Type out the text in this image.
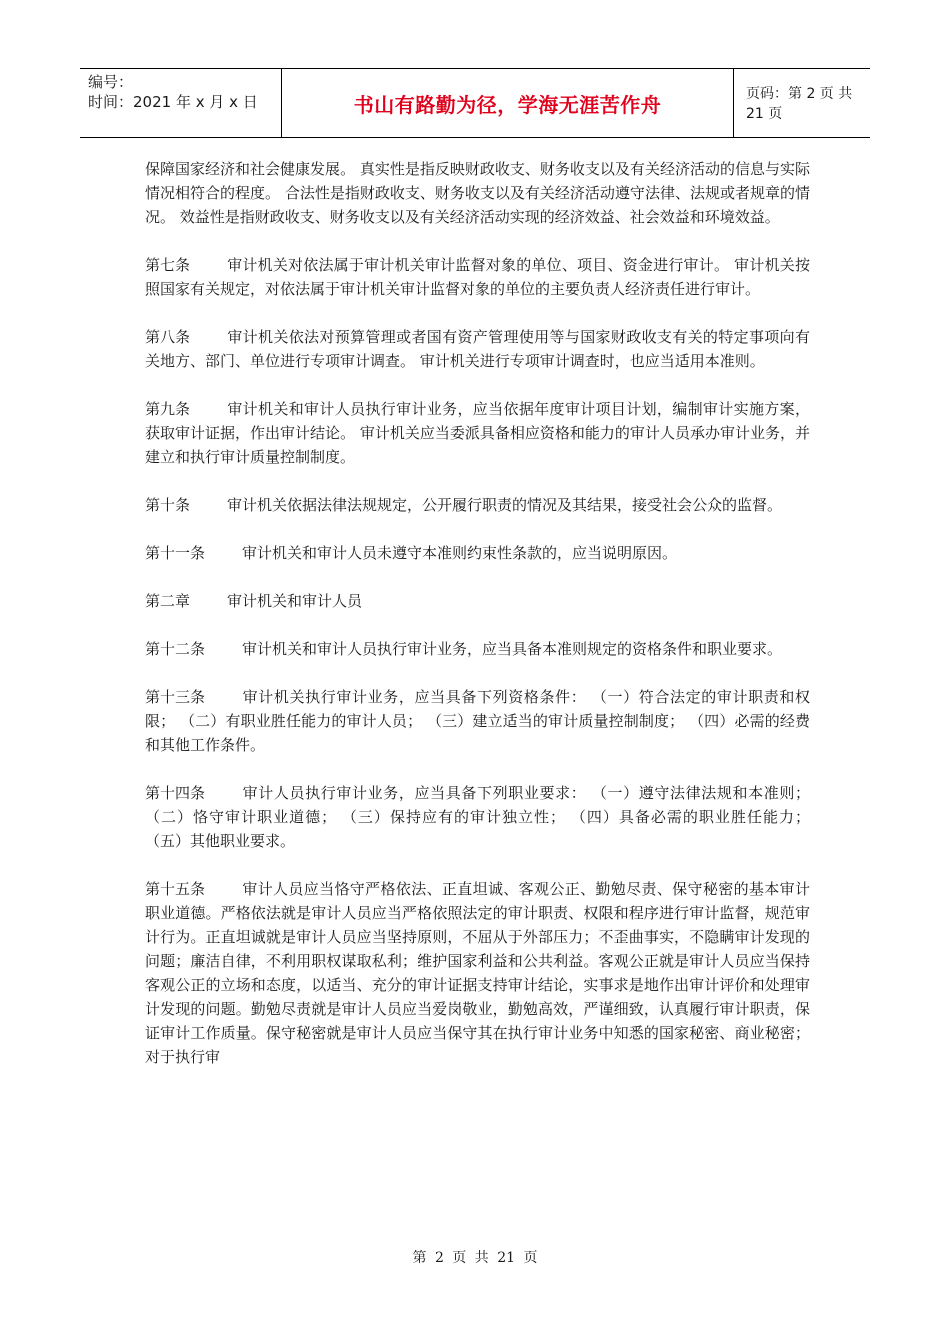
编号：
时间：2021 年 x 月 x 日	书山有路勤为径，学海无涯苦作舟	页码：第 2 页 共 21 页

保障国家经济和社会健康发展。 真实性是指反映财政收支、财务收支以及有关经济活动的信息与实际情况相符合的程度。 合法性是指财政收支、财务收支以及有关经济活动遵守法律、法规或者规章的情况。 效益性是指财政收支、财务收支以及有关经济活动实现的经济效益、社会效益和环境效益。

第七条 审计机关对依法属于审计机关审计监督对象的单位、项目、资金进行审计。 审计机关按照国家有关规定，对依法属于审计机关审计监督对象的单位的主要负责人经济责任进行审计。

第八条 审计机关依法对预算管理或者国有资产管理使用等与国家财政收支有关的特定事项向有关地方、部门、单位进行专项审计调查。 审计机关进行专项审计调查时，也应当适用本准则。

第九条 审计机关和审计人员执行审计业务，应当依据年度审计项目计划，编制审计实施方案，获取审计证据，作出审计结论。 审计机关应当委派具备相应资格和能力的审计人员承办审计业务，并建立和执行审计质量控制制度。

第十条 审计机关依据法律法规规定，公开履行职责的情况及其结果，接受社会公众的监督。

第十一条 审计机关和审计人员未遵守本准则约束性条款的，应当说明原因。

第二章 审计机关和审计人员

第十二条 审计机关和审计人员执行审计业务，应当具备本准则规定的资格条件和职业要求。

第十三条 审计机关执行审计业务，应当具备下列资格条件： （一）符合法定的审计职责和权限； （二）有职业胜任能力的审计人员； （三）建立适当的审计质量控制制度； （四）必需的经费和其他工作条件。

第十四条 审计人员执行审计业务，应当具备下列职业要求： （一）遵守法律法规和本准则； （二）恪守审计职业道德； （三）保持应有的审计独立性； （四）具备必需的职业胜任能力； （五）其他职业要求。

第十五条 审计人员应当恪守严格依法、正直坦诚、客观公正、勤勉尽责、保守秘密的基本审计职业道德。严格依法就是审计人员应当严格依照法定的审计职责、权限和程序进行审计监督，规范审计行为。正直坦诚就是审计人员应当坚持原则，不屈从于外部压力；不歪曲事实，不隐瞒审计发现的问题；廉洁自律，不利用职权谋取私利；维护国家利益和公共利益。客观公正就是审计人员应当保持客观公正的立场和态度，以适当、充分的审计证据支持审计结论，实事求是地作出审计评价和处理审计发现的问题。勤勉尽责就是审计人员应当爱岗敬业，勤勉高效，严谨细致，认真履行审计职责，保证审计工作质量。保守秘密就是审计人员应当保守其在执行审计业务中知悉的国家秘密、商业秘密；对于执行审

第 2 页 共 21 页
